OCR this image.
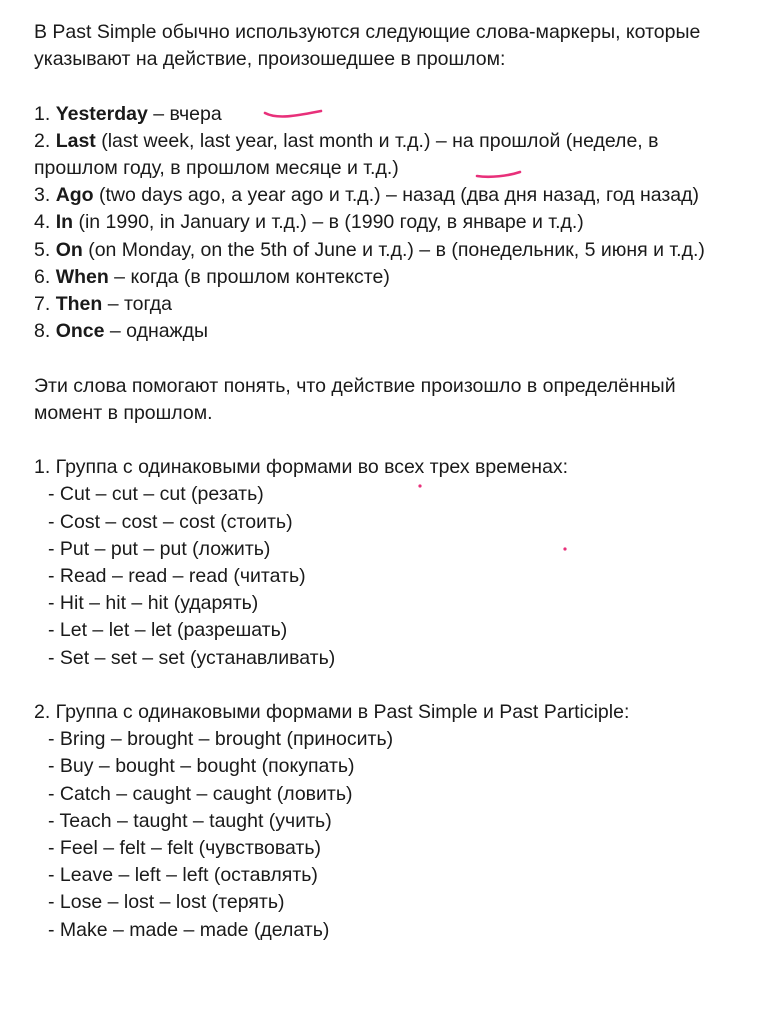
В Past Simple обычно используются следующие слова-маркеры, которые указывают на действие, произошедшее в прошлом:

1. Yesterday – вчера
2. Last (last week, last year, last month и т.д.) – на прошлой (неделе, в прошлом году, в прошлом месяце и т.д.)
3. Ago (two days ago, a year ago и т.д.) – назад (два дня назад, год назад)
4. In (in 1990, in January и т.д.) – в (1990 году, в январе и т.д.)
5. On (on Monday, on the 5th of June и т.д.) – в (понедельник, 5 июня и т.д.)
6. When – когда (в прошлом контексте)
7. Then – тогда
8. Once – однажды

Эти слова помогают понять, что действие произошло в определённый момент в прошлом.

1. Группа с одинаковыми формами во всех трех временах:
- Cut – cut – cut (резать)
- Cost – cost – cost (стоить)
- Put – put – put (ложить)
- Read – read – read (читать)
- Hit – hit – hit (ударять)
- Let – let – let (разрешать)
- Set – set – set (устанавливать)
2. Группа с одинаковыми формами в Past Simple и Past Participle:
- Bring – brought – brought (приносить)
- Buy – bought – bought (покупать)
- Catch – caught – caught (ловить)
- Teach – taught – taught (учить)
- Feel – felt – felt (чувствовать)
- Leave – left – left (оставлять)
- Lose – lost – lost (терять)
- Make – made – made (делать)
